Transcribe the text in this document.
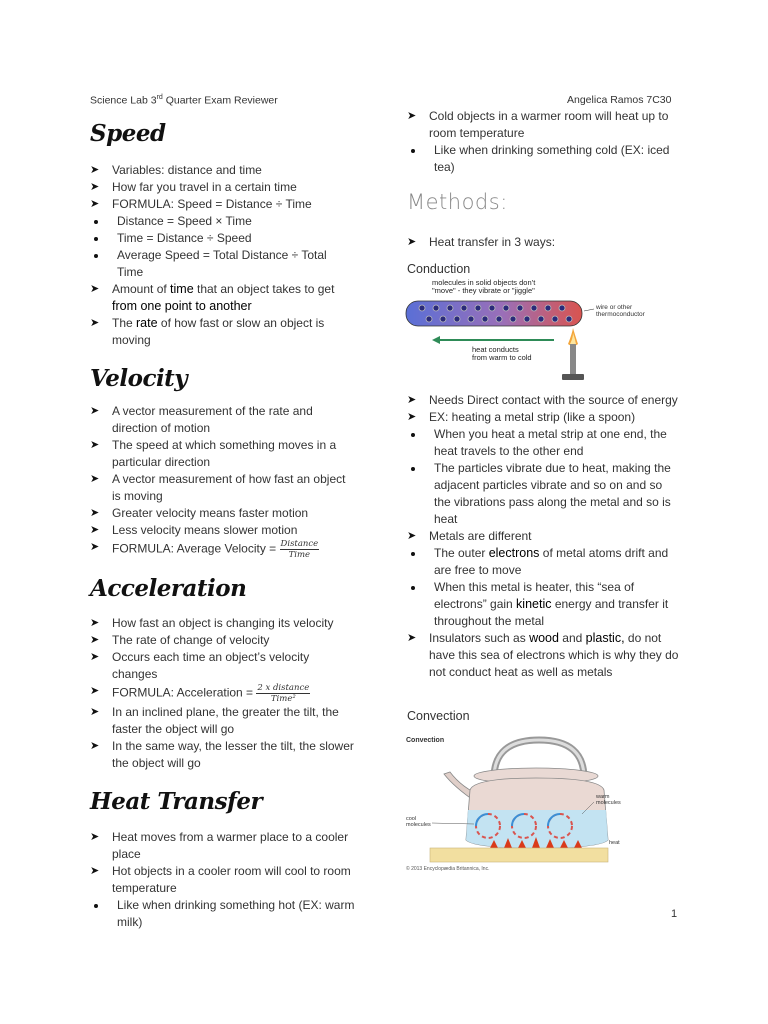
Science Lab 3rd Quarter Exam Reviewer	Angelica Ramos 7C30
Speed
➤ Variables: distance and time
➤ How far you travel in a certain time
➤ FORMULA: Speed = Distance ÷ Time
Distance = Speed × Time
Time = Distance ÷ Speed
Average Speed = Total Distance ÷ Total Time
➤ Amount of time that an object takes to get from one point to another
➤ The rate of how fast or slow an object is moving
Velocity
➤ A vector measurement of the rate and direction of motion
➤ The speed at which something moves in a particular direction
➤ A vector measurement of how fast an object is moving
➤ Greater velocity means faster motion
➤ Less velocity means slower motion
➤ FORMULA: Average Velocity = $\frac{\text{Distance}}{\text{Time}}$
Acceleration
➤ How fast an object is changing its velocity
➤ The rate of change of velocity
➤ Occurs each time an object’s velocity changes
➤ FORMULA: Acceleration = $\frac{\text{2 x distance}}{\text{Time²}}$
➤ In an inclined plane, the greater the tilt, the faster the object will go
➤ In the same way, the lesser the tilt, the slower the object will go
Heat Transfer
➤ Heat moves from a warmer place to a cooler place
➤ Hot objects in a cooler room will cool to room temperature
Like when drinking something hot (EX: warm milk)
➤ Cold objects in a warmer room will heat up to room temperature
Like when drinking something cold (EX: iced tea)
Methods:
➤ Heat transfer in 3 ways:
Conduction
molecules in solid objects don’t
"move" - they vibrate or "jiggle"
wire or other
thermoconductor
heat conducts
from warm to cold
➤ Needs Direct contact with the source of energy
➤ EX: heating a metal strip (like a spoon)
When you heat a metal strip at one end, the heat travels to the other end
The particles vibrate due to heat, making the adjacent particles vibrate and so on and so the vibrations pass along the metal and so is heat
➤ Metals are different
The outer electrons of metal atoms drift and are free to move
When this metal is heater, this “sea of electrons” gain kinetic energy and transfer it throughout the metal
➤ Insulators such as wood and plastic, do not have this sea of electrons which is why they do not conduct heat as well as metals
Convection
Convection
warm
molecules
cool
molecules
heat
© 2013 Encyclopædia Britannica, Inc.
1
